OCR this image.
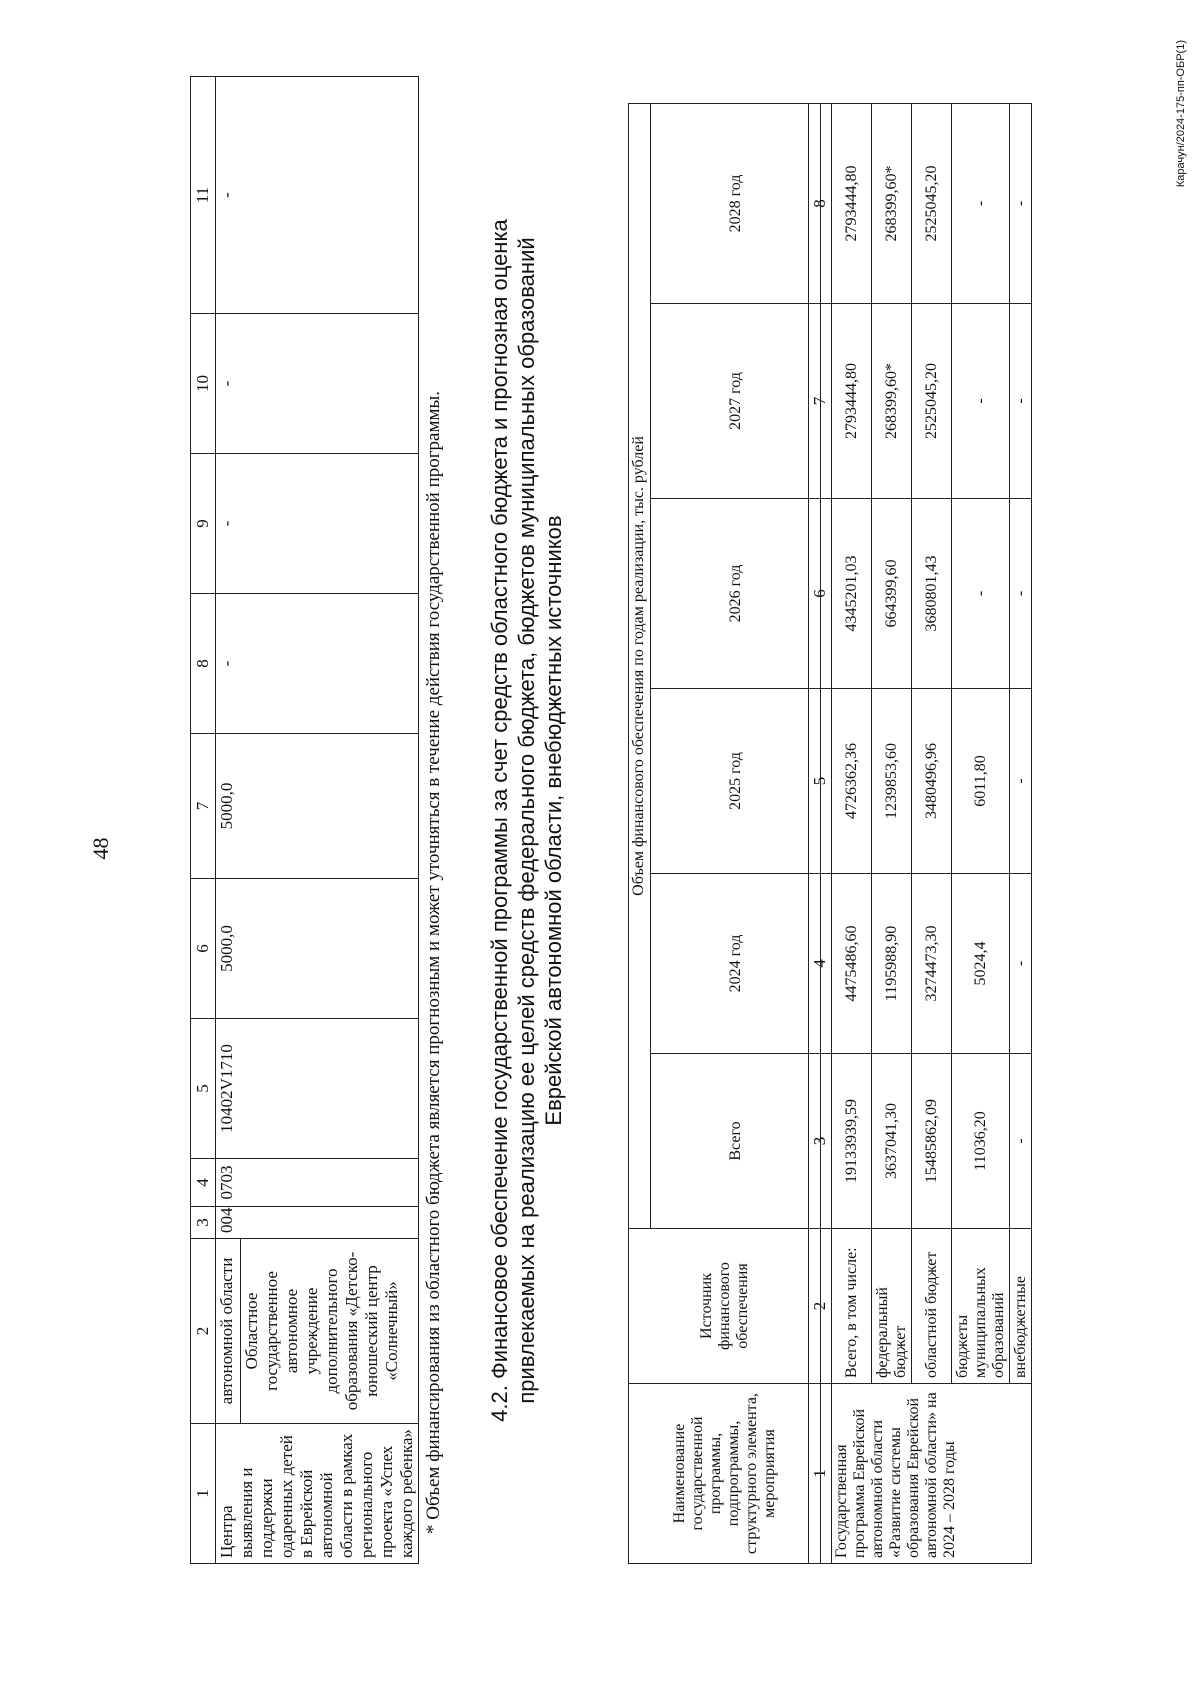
48
1	2	3	4	5	6	7	8	9	10	11
Центра выявления и поддержки одаренных детей в Еврейской автономной области в рамках регионального проекта «Успех каждого ребенка»	автономной области	004	0703	10402V1710	5000,0	5000,0	-	-	-	-
	Областное государственное автономное учреждение дополнительного образования «Детско-юношеский центр «Солнечный»									* Объем финансирования из областного бюджета является прогнозным и может уточняться в течение действия государственной программы. 4.2. Финансовое обеспечение государственной программы за счет средств областного бюджета и прогнозная оценка привлекаемых на реализацию ее целей средств федерального бюджета, бюджетов муниципальных образований Еврейской автономной области, внебюджетных источников
Наименование государственной программы, подпрограммы, структурного элемента, мероприятия	Источник финансового обеспечения	Объем финансового обеспечения по годам реализации, тыс. рублей					
		Всего	2024 год	2025 год	2026 год	2027 год	2028 год
1	2	3	4	5	6	7	8
Государственная программа Еврейской автономной области «Развитие системы образования Еврейской автономной области» на 2024 – 2028 годы	Всего, в том числе:	19133939,59	4475486,60	4726362,36	4345201,03	2793444,80	2793444,80
	федеральный бюджет	3637041,30	1195988,90	1239853,60	664399,60	268399,60*	268399,60*
	областной бюджет	15485862,09	3274473,30	3480496,96	3680801,43	2525045,20	2525045,20
	бюджеты муниципальных образований	11036,20	5024,4	6011,80	-	-	-
	внебюджетные	-	-	-	-	-	-
Карачун/2024-175-пп-ОБР(1)
